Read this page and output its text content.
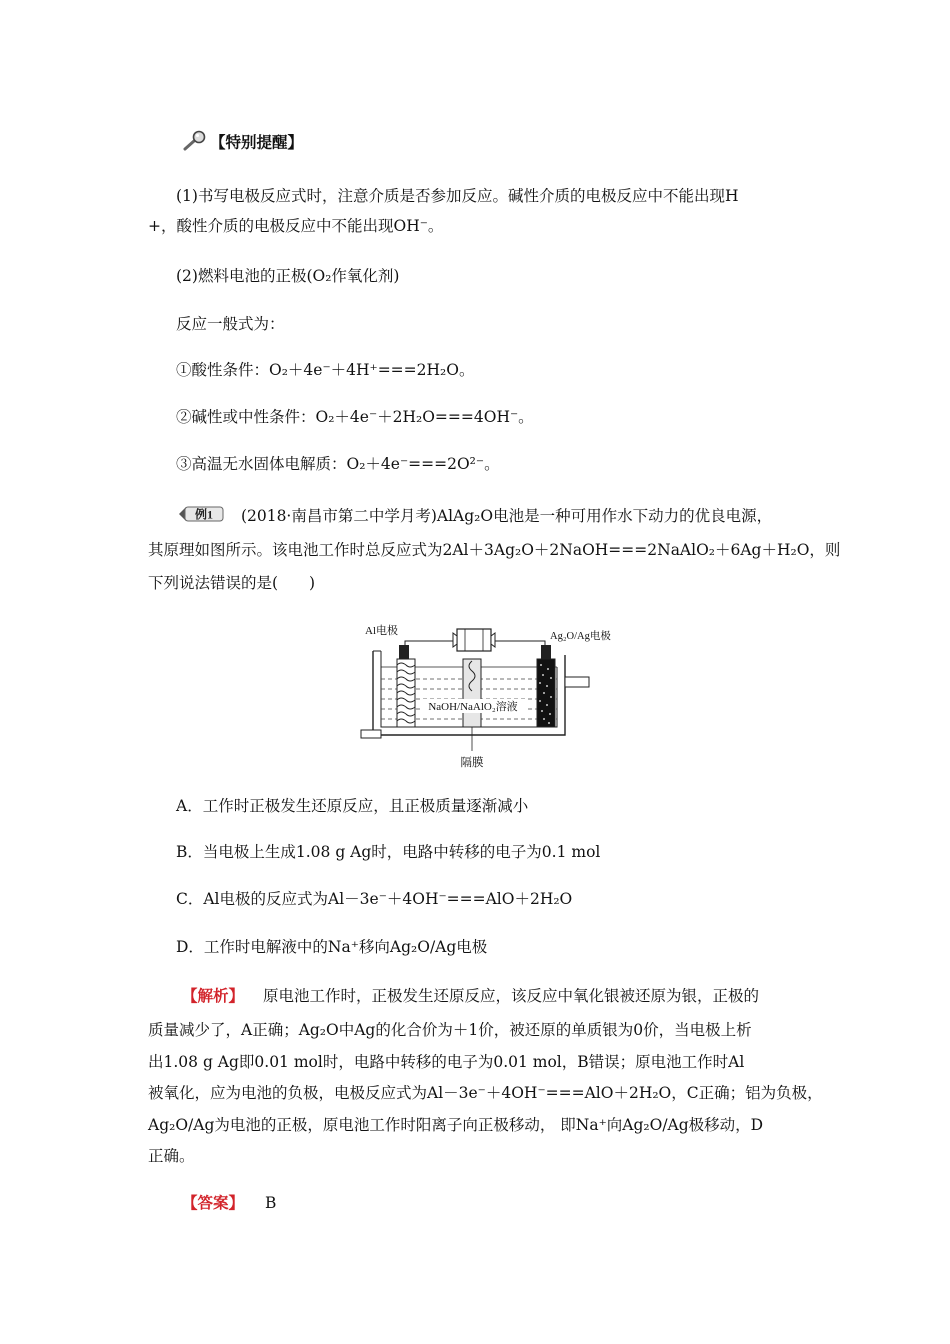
【特别提醒】
(1)书写电极反应式时，注意介质是否参加反应。碱性介质的电极反应中不能出现H
+，酸性介质的电极反应中不能出现OH⁻。
(2)燃料电池的正极(O₂作氧化剂)
反应一般式为：
①酸性条件：O₂＋4e⁻＋4H⁺===2H₂O。
②碱性或中性条件：O₂＋4e⁻＋2H₂O===4OH⁻。
③高温无水固体电解质：O₂＋4e⁻===2O²⁻。
例1 (2018·南昌市第二中学月考)AlAg₂O电池是一种可用作水下动力的优良电源，
其原理如图所示。该电池工作时总反应式为2Al＋3Ag₂O＋2NaOH===2NaAlO₂＋6Ag＋H₂O，则
下列说法错误的是(　　)
Al电极	Ag₂O/Ag电极
NaOH/NaAlO₂溶液
隔膜
A．工作时正极发生还原反应，且正极质量逐渐减小
B．当电极上生成1.08 g Ag时，电路中转移的电子为0.1 mol
C．Al电极的反应式为Al－3e⁻＋4OH⁻===AlO＋2H₂O
D．工作时电解液中的Na⁺移向Ag₂O/Ag电极
【解析】 原电池工作时，正极发生还原反应，该反应中氧化银被还原为银，正极的
质量减少了，A正确；Ag₂O中Ag的化合价为＋1价，被还原的单质银为0价，当电极上析
出1.08 g Ag即0.01 mol时，电路中转移的电子为0.01 mol，B错误；原电池工作时Al
被氧化，应为电池的负极，电极反应式为Al－3e⁻＋4OH⁻===AlO＋2H₂O，C正确；铝为负极，
Ag₂O/Ag为电池的正极，原电池工作时阳离子向正极移动， 即Na⁺向Ag₂O/Ag极移动，D
正确。
【答案】 B
